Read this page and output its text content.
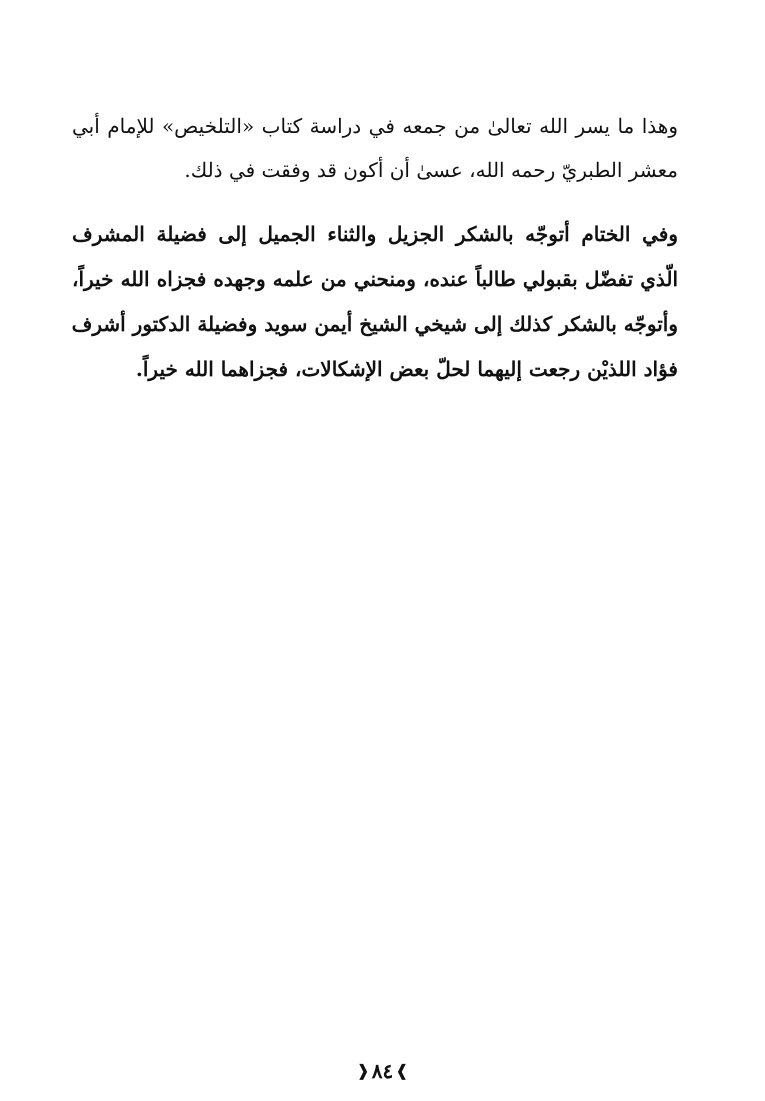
وهذا ما يسر الله تعالىٰ من جمعه في دراسة كتاب «التلخيص» للإمام أبي
معشر الطبريّ رحمه الله، عسىٰ أن أكون قد وفقت في ذلك.
وفي الختام أتوجّه بالشكر الجزيل والثناء الجميل إلى فضيلة المشرف
الّذي تفضّل بقبولي طالباً عنده، ومنحني من علمه وجهده فجزاه الله خيراً،
وأتوجّه بالشكر كذلك إلى شيخي الشيخ أيمن سويد وفضيلة الدكتور أشرف
فؤاد اللذيْن رجعت إليهما لحلّ بعض الإشكالات، فجزاهما الله خيراً.
❱٨٤❰
